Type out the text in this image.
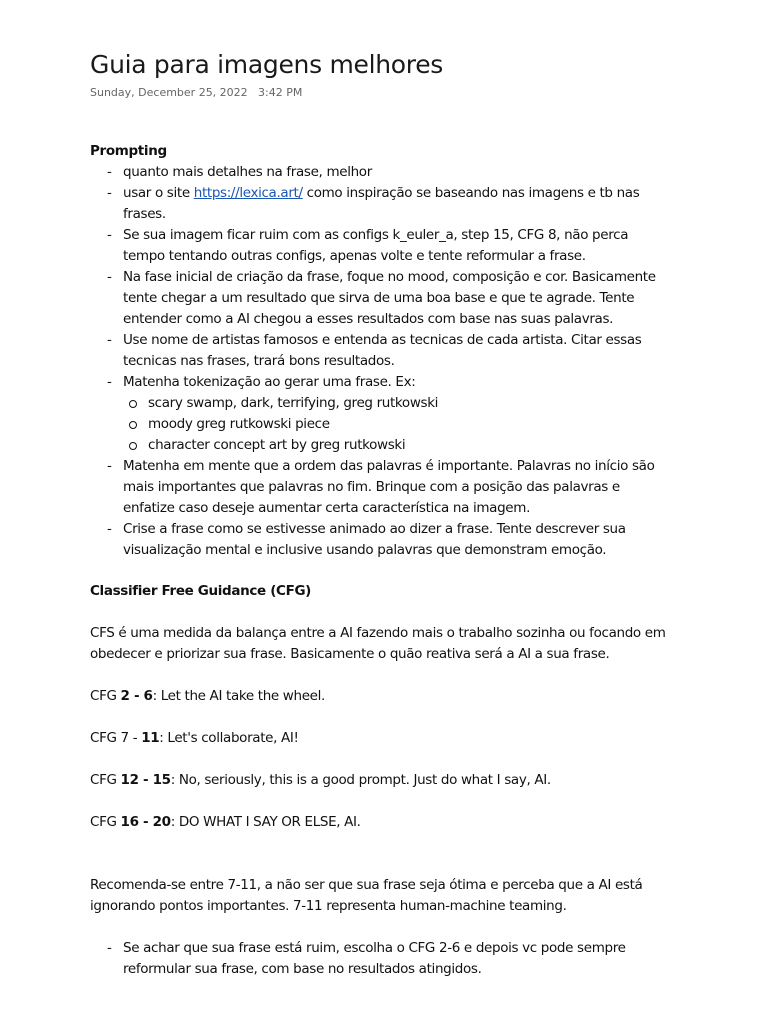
Guia para imagens melhores
Sunday, December 25, 2022 3:42 PM

Prompting

- quanto mais detalhes na frase, melhor
- usar o site https://lexica.art/ como inspiração se baseando nas imagens e tb nas frases.
- Se sua imagem ficar ruim com as configs k_euler_a, step 15, CFG 8, não perca tempo tentando outras configs, apenas volte e tente reformular a frase.
- Na fase inicial de criação da frase, foque no mood, composição e cor. Basicamente tente chegar a um resultado que sirva de uma boa base e que te agrade. Tente entender como a AI chegou a esses resultados com base nas suas palavras.
- Use nome de artistas famosos e entenda as tecnicas de cada artista. Citar essas tecnicas nas frases, trará bons resultados.
- Matenha tokenização ao gerar uma frase. Ex:
scary swamp, dark, terrifying, greg rutkowski
moody greg rutkowski piece
character concept art by greg rutkowski
- Matenha em mente que a ordem das palavras é importante. Palavras no início são mais importantes que palavras no fim. Brinque com a posição das palavras e enfatize caso deseje aumentar certa característica na imagem.
- Crise a frase como se estivesse animado ao dizer a frase. Tente descrever sua visualização mental e inclusive usando palavras que demonstram emoção.

Classifier Free Guidance (CFG)

CFS é uma medida da balança entre a AI fazendo mais o trabalho sozinha ou focando em obedecer e priorizar sua frase. Basicamente o quão reativa será a AI a sua frase.

CFG 2 - 6: Let the AI take the wheel.

CFG 7 - 11: Let's collaborate, AI!

CFG 12 - 15: No, seriously, this is a good prompt. Just do what I say, AI.

CFG 16 - 20: DO WHAT I SAY OR ELSE, AI.

Recomenda-se entre 7-11, a não ser que sua frase seja ótima e perceba que a AI está ignorando pontos importantes. 7-11 representa human-machine teaming.

- Se achar que sua frase está ruim, escolha o CFG 2-6 e depois vc pode sempre reformular sua frase, com base no resultados atingidos.
